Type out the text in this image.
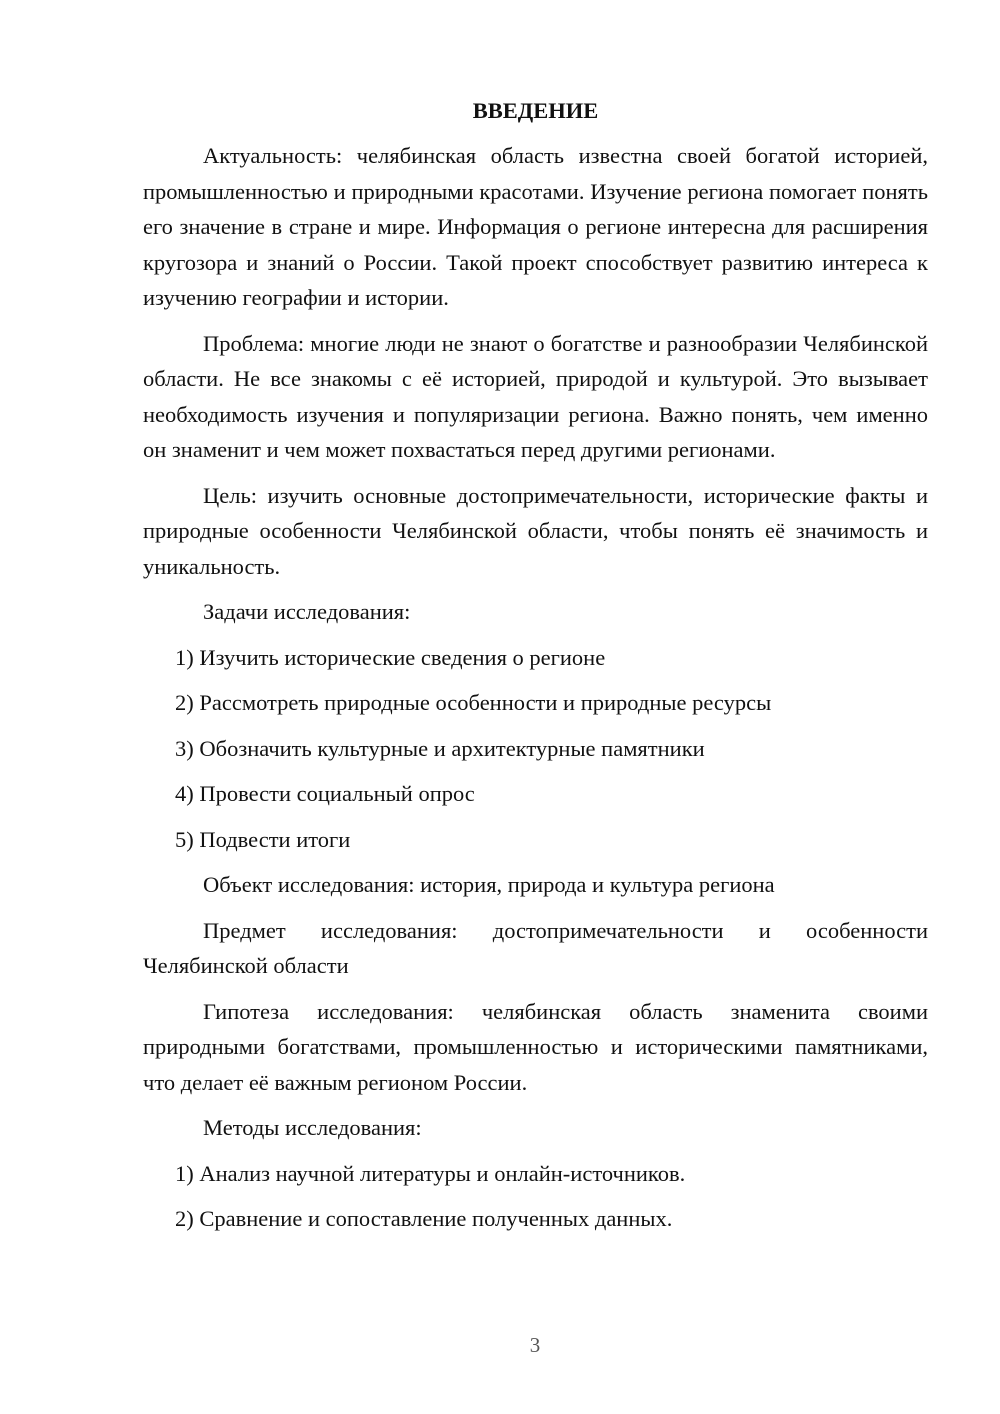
ВВЕДЕНИЕ

Актуальность: челябинская область известна своей богатой историей, промышленностью и природными красотами. Изучение региона помогает понять его значение в стране и мире. Информация о регионе интересна для расширения кругозора и знаний о России. Такой проект способствует развитию интереса к изучению географии и истории.

Проблема: многие люди не знают о богатстве и разнообразии Челябинской области. Не все знакомы с её историей, природой и культурой. Это вызывает необходимость изучения и популяризации региона. Важно понять, чем именно он знаменит и чем может похвастаться перед другими регионами.

Цель: изучить основные достопримечательности, исторические факты и природные особенности Челябинской области, чтобы понять её значимость и уникальность.

Задачи исследования:
1) Изучить исторические сведения о регионе
2) Рассмотреть природные особенности и природные ресурсы
3) Обозначить культурные и архитектурные памятники
4) Провести социальный опрос
5) Подвести итоги
Объект исследования: история, природа и культура региона

Предмет исследования: достопримечательности и особенности Челябинской области

Гипотеза исследования: челябинская область знаменита своими природными богатствами, промышленностью и историческими памятниками, что делает её важным регионом России.

Методы исследования:
1) Анализ научной литературы и онлайн-источников.
2) Сравнение и сопоставление полученных данных.
3
